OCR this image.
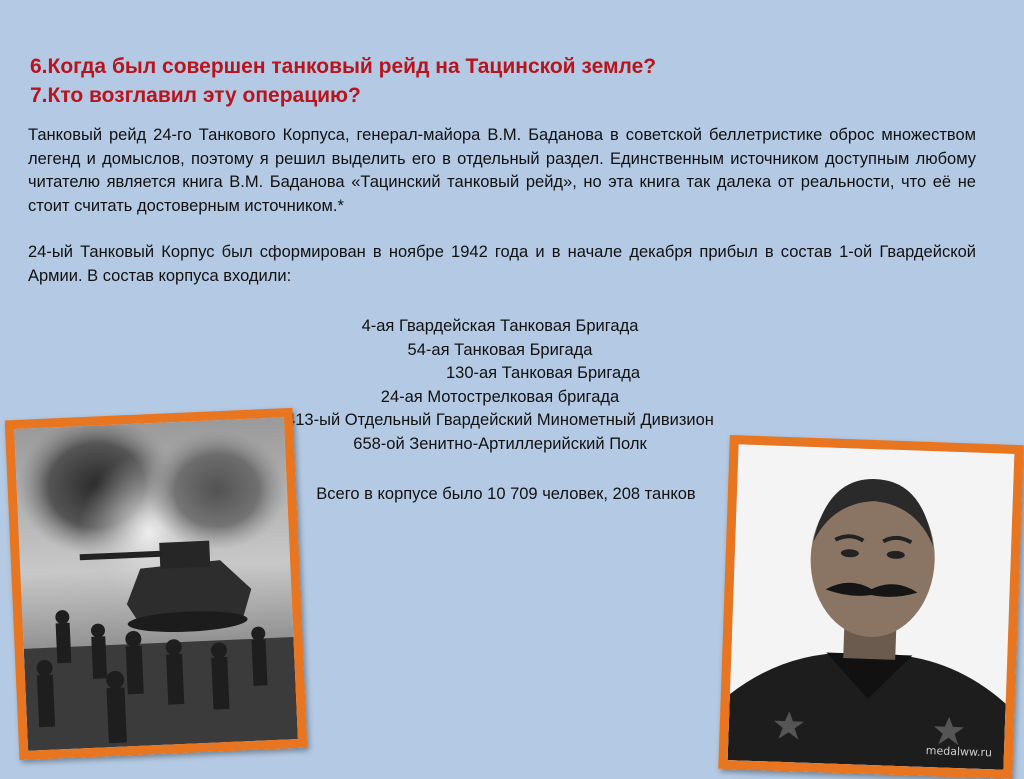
6.Когда был совершен танковый рейд на Тацинской земле?

7.Кто возглавил эту операцию?

Танковый рейд 24-го Танкового Корпуса, генерал-майора В.М. Баданова в советской беллетристике оброс множеством легенд и домыслов, поэтому я решил выделить его в отдельный раздел. Единственным источником доступным любому читателю является книга В.М. Баданова «Тацинский танковый рейд», но эта книга так далека от реальности, что её не стоит считать достоверным источником.*

24-ый Танковый Корпус был сформирован в ноябре 1942 года и в начале декабря прибыл в состав 1-ой Гвардейской Армии. В состав корпуса входили:

4-ая Гвардейская Танковая Бригада
54-ая Танковая Бригада
130-ая Танковая Бригада
24-ая Мотострелковая бригада
413-ый Отдельный Гвардейский Минометный Дивизион
658-ой Зенитно-Артиллерийский Полк
Всего в корпусе было 10 709 человек, 208 танков
medalww.ru
